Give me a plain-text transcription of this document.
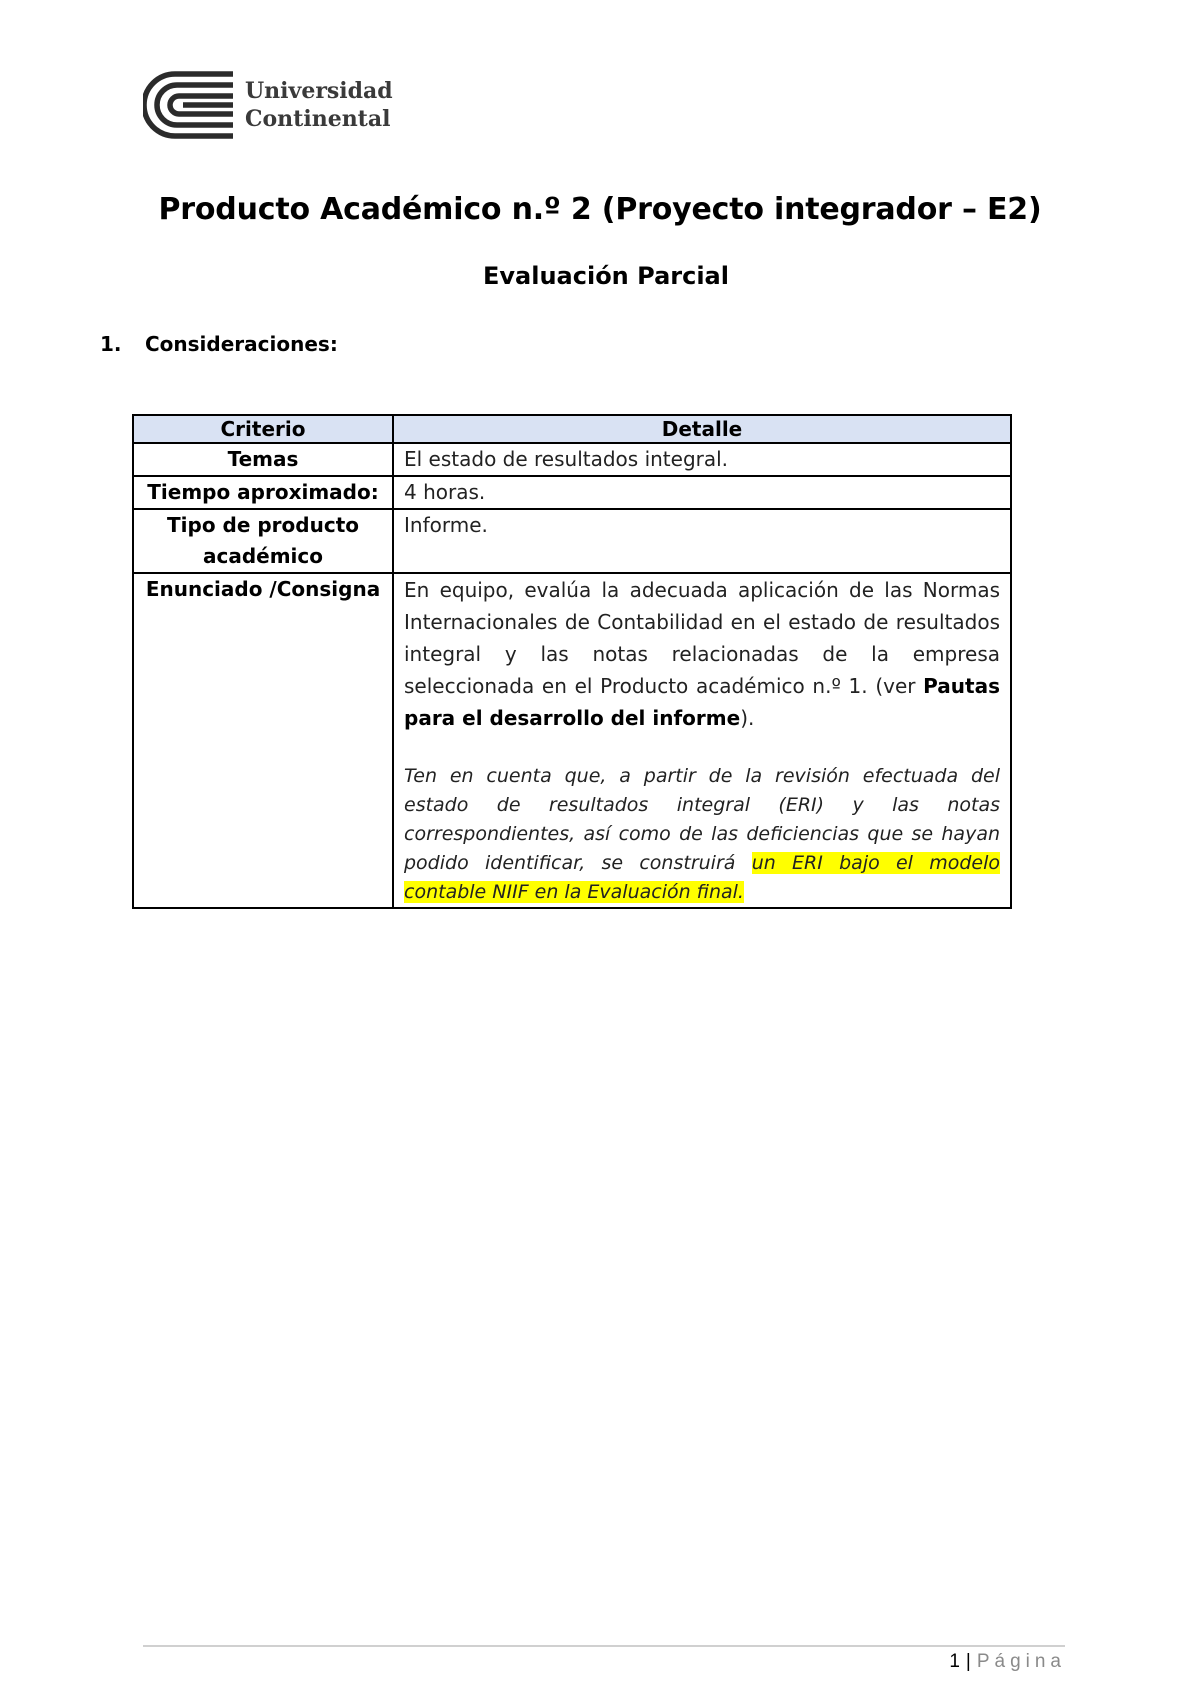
Universidad
Continental
Producto Académico n.º 2 (Proyecto integrador – E2)
Evaluación Parcial
1. Consideraciones:
Criterio	Detalle
Temas	El estado de resultados integral.
Tiempo aproximado:	4 horas.
Tipo de producto académico	Informe.
Enunciado /Consigna	En equipo, evalúa la adecuada aplicación de las Normas Internacionales de Contabilidad en el estado de resultados integral y las notas relacionadas de la empresa seleccionada en el Producto académico n.º 1. (ver Pautas para el desarrollo del informe).

Ten en cuenta que, a partir de la revisión efectuada del estado de resultados integral (ERI) y las notas correspondientes, así como de las deficiencias que se hayan podido identificar, se construirá un ERI bajo el modelo contable NIIF en la Evaluación final.

1 | Página
